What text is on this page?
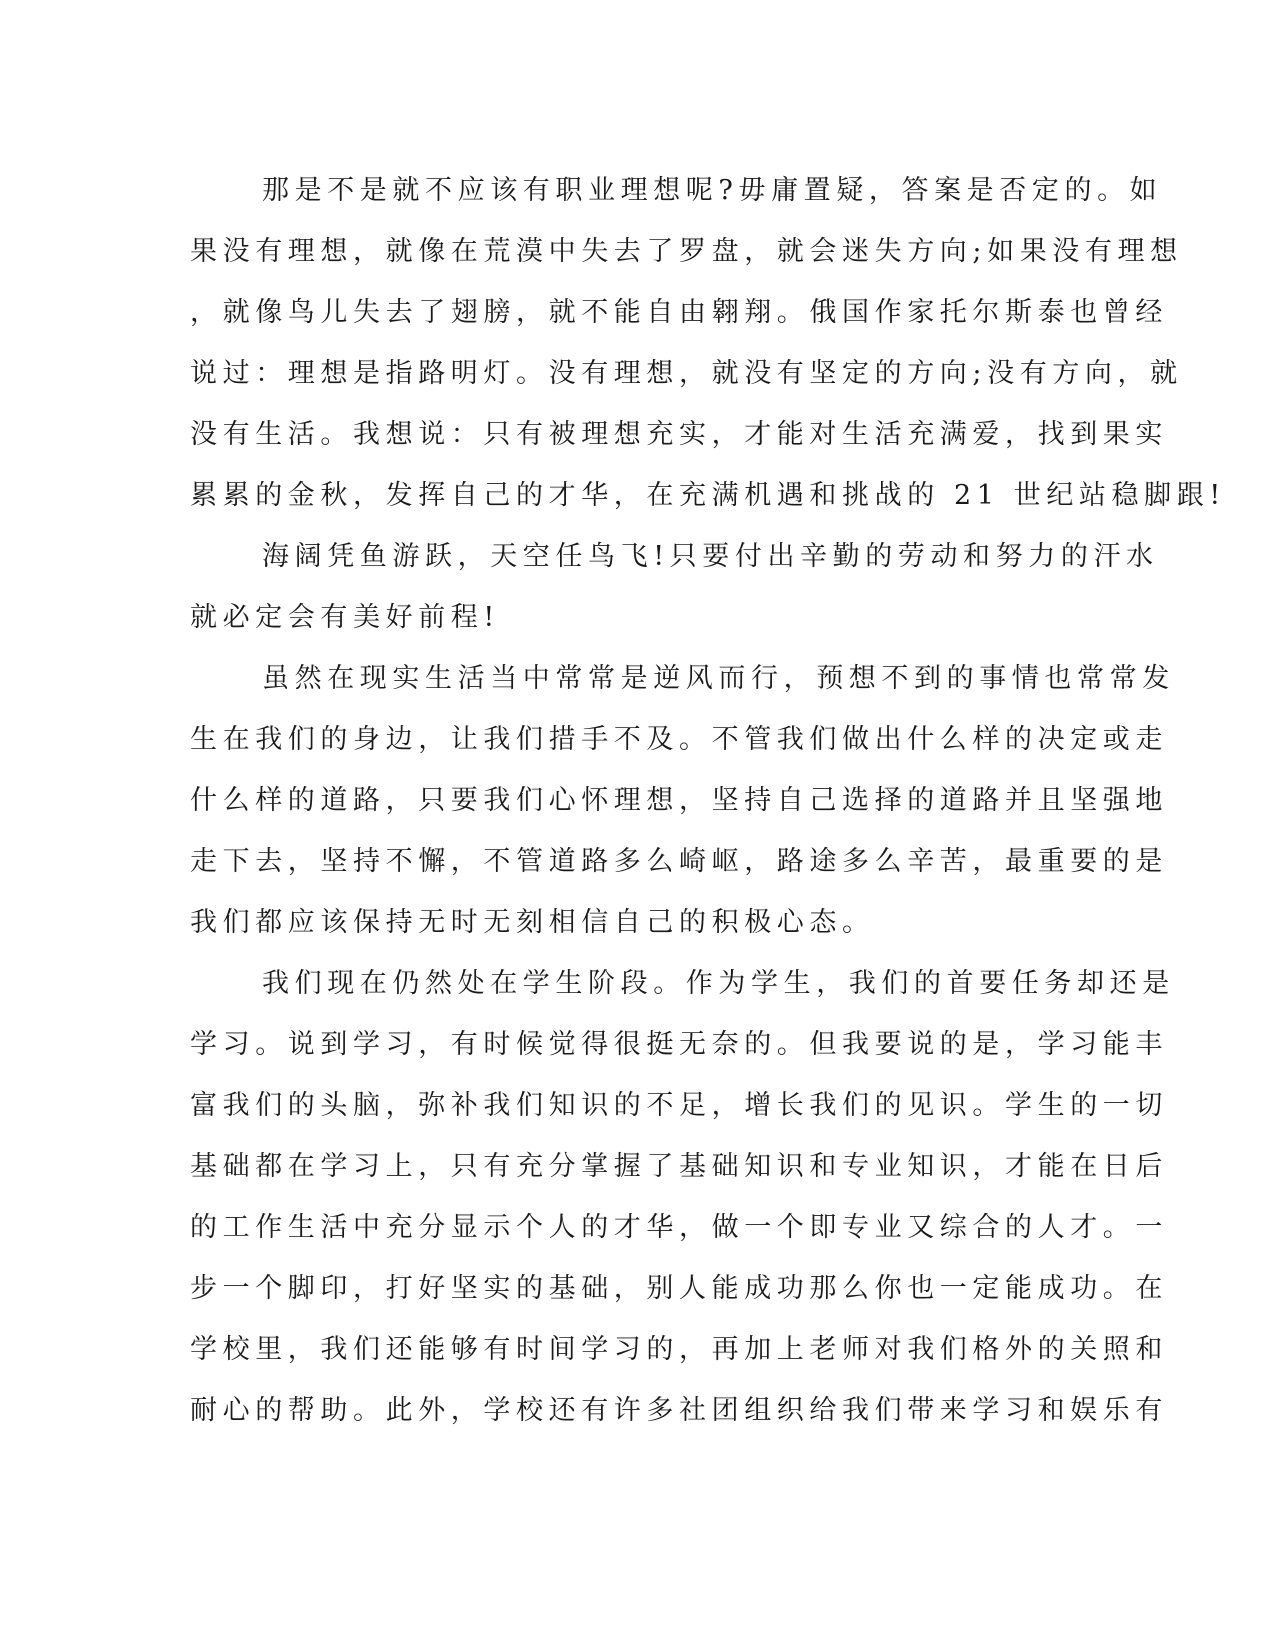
那是不是就不应该有职业理想呢?毋庸置疑，答案是否定的。如

果没有理想，就像在荒漠中失去了罗盘，就会迷失方向;如果没有理想

，就像鸟儿失去了翅膀，就不能自由翱翔。俄国作家托尔斯泰也曾经

说过：理想是指路明灯。没有理想，就没有坚定的方向;没有方向，就

没有生活。我想说：只有被理想充实，才能对生活充满爱，找到果实

累累的金秋，发挥自己的才华，在充满机遇和挑战的 21 世纪站稳脚跟!

海阔凭鱼游跃，天空任鸟飞!只要付出辛勤的劳动和努力的汗水

就必定会有美好前程!

虽然在现实生活当中常常是逆风而行，预想不到的事情也常常发

生在我们的身边，让我们措手不及。不管我们做出什么样的决定或走

什么样的道路，只要我们心怀理想，坚持自己选择的道路并且坚强地

走下去，坚持不懈，不管道路多么崎岖，路途多么辛苦，最重要的是

我们都应该保持无时无刻相信自己的积极心态。

我们现在仍然处在学生阶段。作为学生，我们的首要任务却还是

学习。说到学习，有时候觉得很挺无奈的。但我要说的是，学习能丰

富我们的头脑，弥补我们知识的不足，增长我们的见识。学生的一切

基础都在学习上，只有充分掌握了基础知识和专业知识，才能在日后

的工作生活中充分显示个人的才华，做一个即专业又综合的人才。一

步一个脚印，打好坚实的基础，别人能成功那么你也一定能成功。在

学校里，我们还能够有时间学习的，再加上老师对我们格外的关照和

耐心的帮助。此外，学校还有许多社团组织给我们带来学习和娱乐有
